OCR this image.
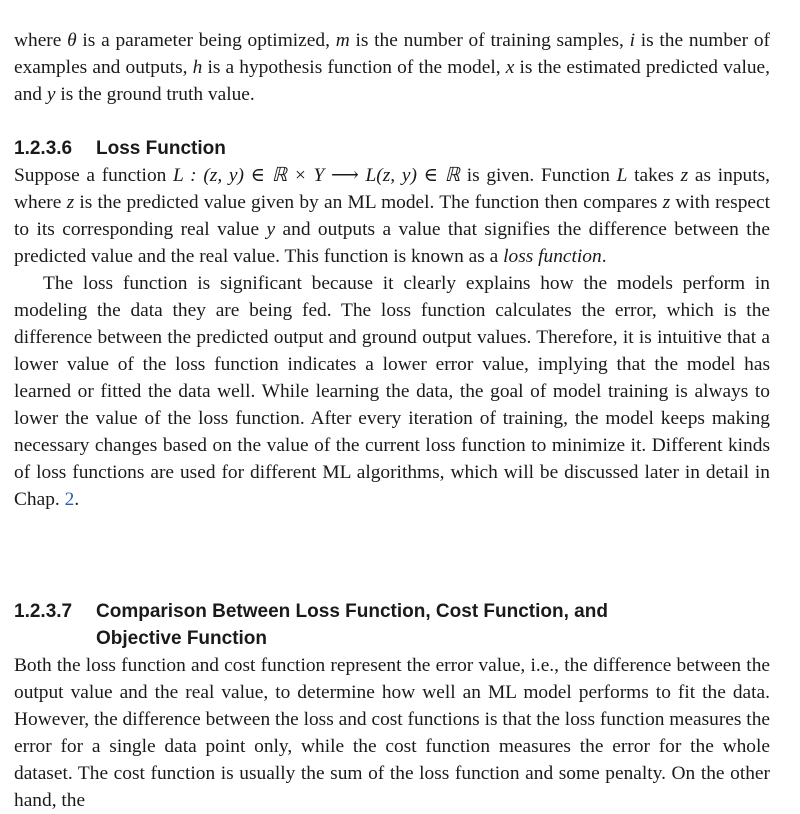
where θ is a parameter being optimized, m is the number of training samples, i is the number of examples and outputs, h is a hypothesis function of the model, x is the estimated predicted value, and y is the ground truth value.

1.2.3.6 Loss Function

Suppose a function L : (z, y) ∈ ℝ × Y ⟶ L(z, y) ∈ ℝ is given. Function L takes z as inputs, where z is the predicted value given by an ML model. The function then compares z with respect to its corresponding real value y and outputs a value that signifies the difference between the predicted value and the real value. This function is known as a loss function.

The loss function is significant because it clearly explains how the models perform in modeling the data they are being fed. The loss function calculates the error, which is the difference between the predicted output and ground output values. Therefore, it is intuitive that a lower value of the loss function indicates a lower error value, implying that the model has learned or fitted the data well. While learning the data, the goal of model training is always to lower the value of the loss function. After every iteration of training, the model keeps making necessary changes based on the value of the current loss function to minimize it. Different kinds of loss functions are used for different ML algorithms, which will be discussed later in detail in Chap. 2.

1.2.3.7 Comparison Between Loss Function, Cost Function, and
Objective Function

Both the loss function and cost function represent the error value, i.e., the difference between the output value and the real value, to determine how well an ML model performs to fit the data. However, the difference between the loss and cost functions is that the loss function measures the error for a single data point only, while the cost function measures the error for the whole dataset. The cost function is usually the sum of the loss function and some penalty. On the other hand, the
